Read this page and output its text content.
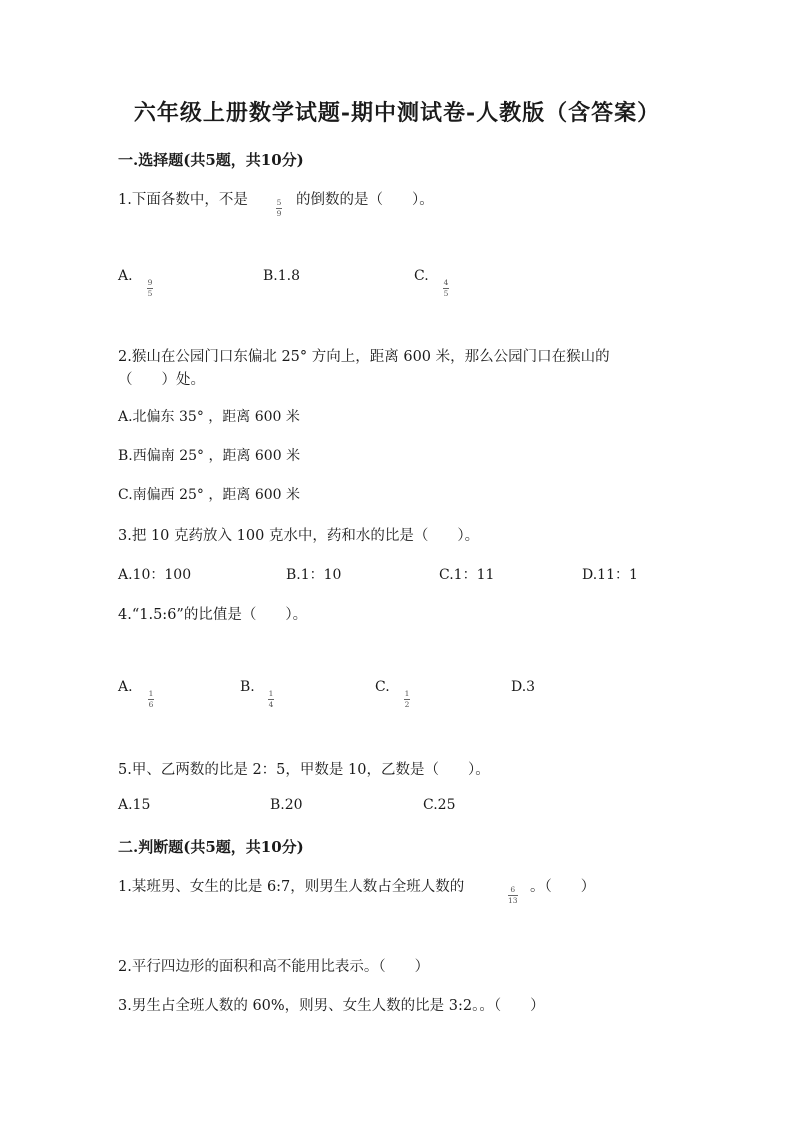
六年级上册数学试题-期中测试卷-人教版（含答案）
一.选择题(共5题，共10分)
1.下面各数中，不是	5
9
的倒数的是（　　）。
A. 9
5
B.1.8	C. 4
5
2.猴山在公园门口东偏北 25° 方向上，距离 600 米，那么公园门口在猴山的
（　　）处。
A.北偏东 35° ，距离 600 米
B.西偏南 25° ，距离 600 米
C.南偏西 25° ，距离 600 米
3.把 10 克药放入 100 克水中，药和水的比是（　　）。
A.10：100	B.1：10	C.1：11	D.11：1
4.“1.5:6”的比值是（　　）。
A. 1
6
B. 1
4
C. 1
2
D.3
5.甲、乙两数的比是 2：5，甲数是 10，乙数是（　　）。
A.15	B.20	C.25
二.判断题(共5题，共10分)
1.某班男、女生的比是 6:7，则男生人数占全班人数的	6
13
。（　　）
2.平行四边形的面积和高不能用比表示。（　　）
3.男生占全班人数的 60%，则男、女生人数的比是 3:2。。（　　）
